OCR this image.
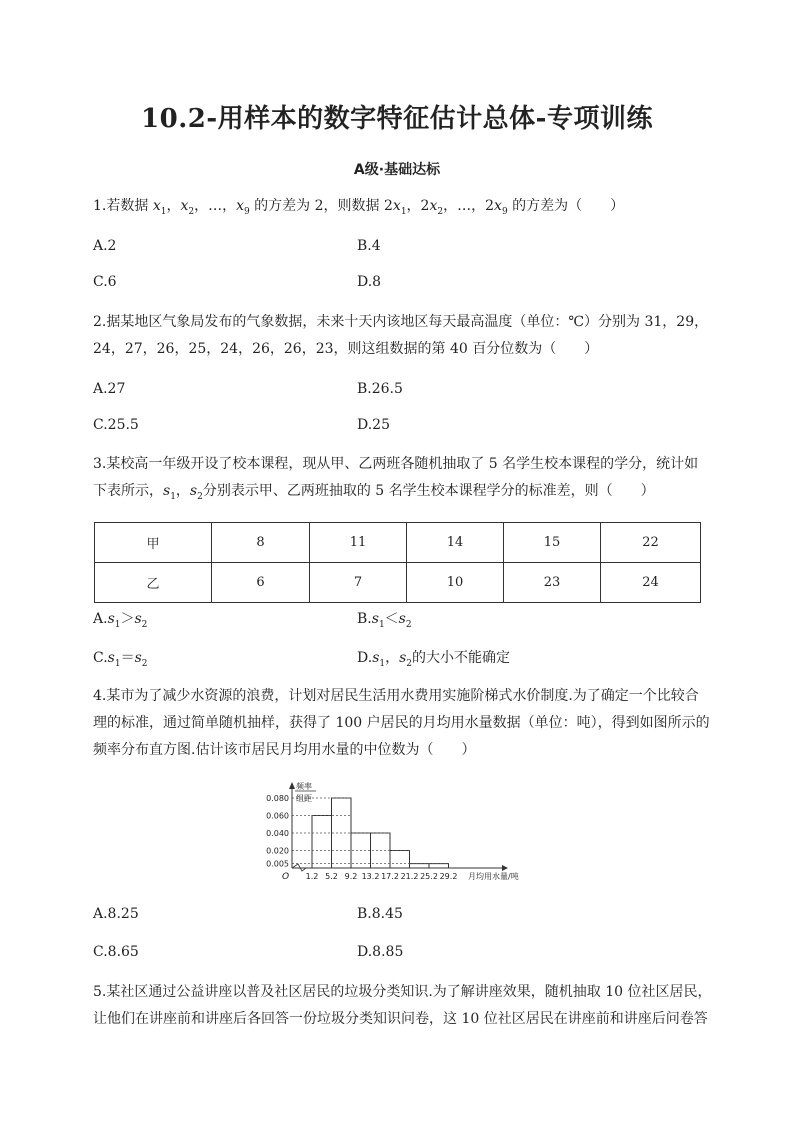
10.2-用样本的数字特征估计总体-专项训练
A级·基础达标
1.若数据 $x_1$，$x_2$，…，$x_9$ 的方差为 2，则数据 $2x_1$，$2x_2$，…，$2x_9$ 的方差为（　　）
A.2	B.4
C.6	D.8
2.据某地区气象局发布的气象数据，未来十天内该地区每天最高温度（单位：℃）分别为 31，29，
24，27，26，25，24，26，26，23，则这组数据的第 40 百分位数为（　　）
A.27	B.26.5
C.25.5	D.25
3.某校高一年级开设了校本课程，现从甲、乙两班各随机抽取了 5 名学生校本课程的学分，统计如
下表所示，$s_1$，$s_2$分别表示甲、乙两班抽取的 5 名学生校本课程学分的标准差，则（　　）
甲	8	11	14	15	22
乙	6	7	10	23	24
$A.s_1>s_2$	$B.s_1<s_2$
$C.s_1=s_2$	$D.s_1$，$s_2$的大小不能确定
4.某市为了减少水资源的浪费，计划对居民生活用水费用实施阶梯式水价制度.为了确定一个比较合
理的标准，通过简单随机抽样，获得了 100 户居民的月均用水量数据（单位：吨），得到如图所示的
频率分布直方图.估计该市居民月均用水量的中位数为（　　）
0.005
0.020
0.040
0.060
0.080
O
频率
组距
1.2 5.2 9.2 13.2 17.2 21.2 25.2 29.2 月均用水量/吨
A.8.25	B.8.45
C.8.65	D.8.85
5.某社区通过公益讲座以普及社区居民的垃圾分类知识.为了解讲座效果，随机抽取 10 位社区居民，
让他们在讲座前和讲座后各回答一份垃圾分类知识问卷，这 10 位社区居民在讲座前和讲座后问卷答
